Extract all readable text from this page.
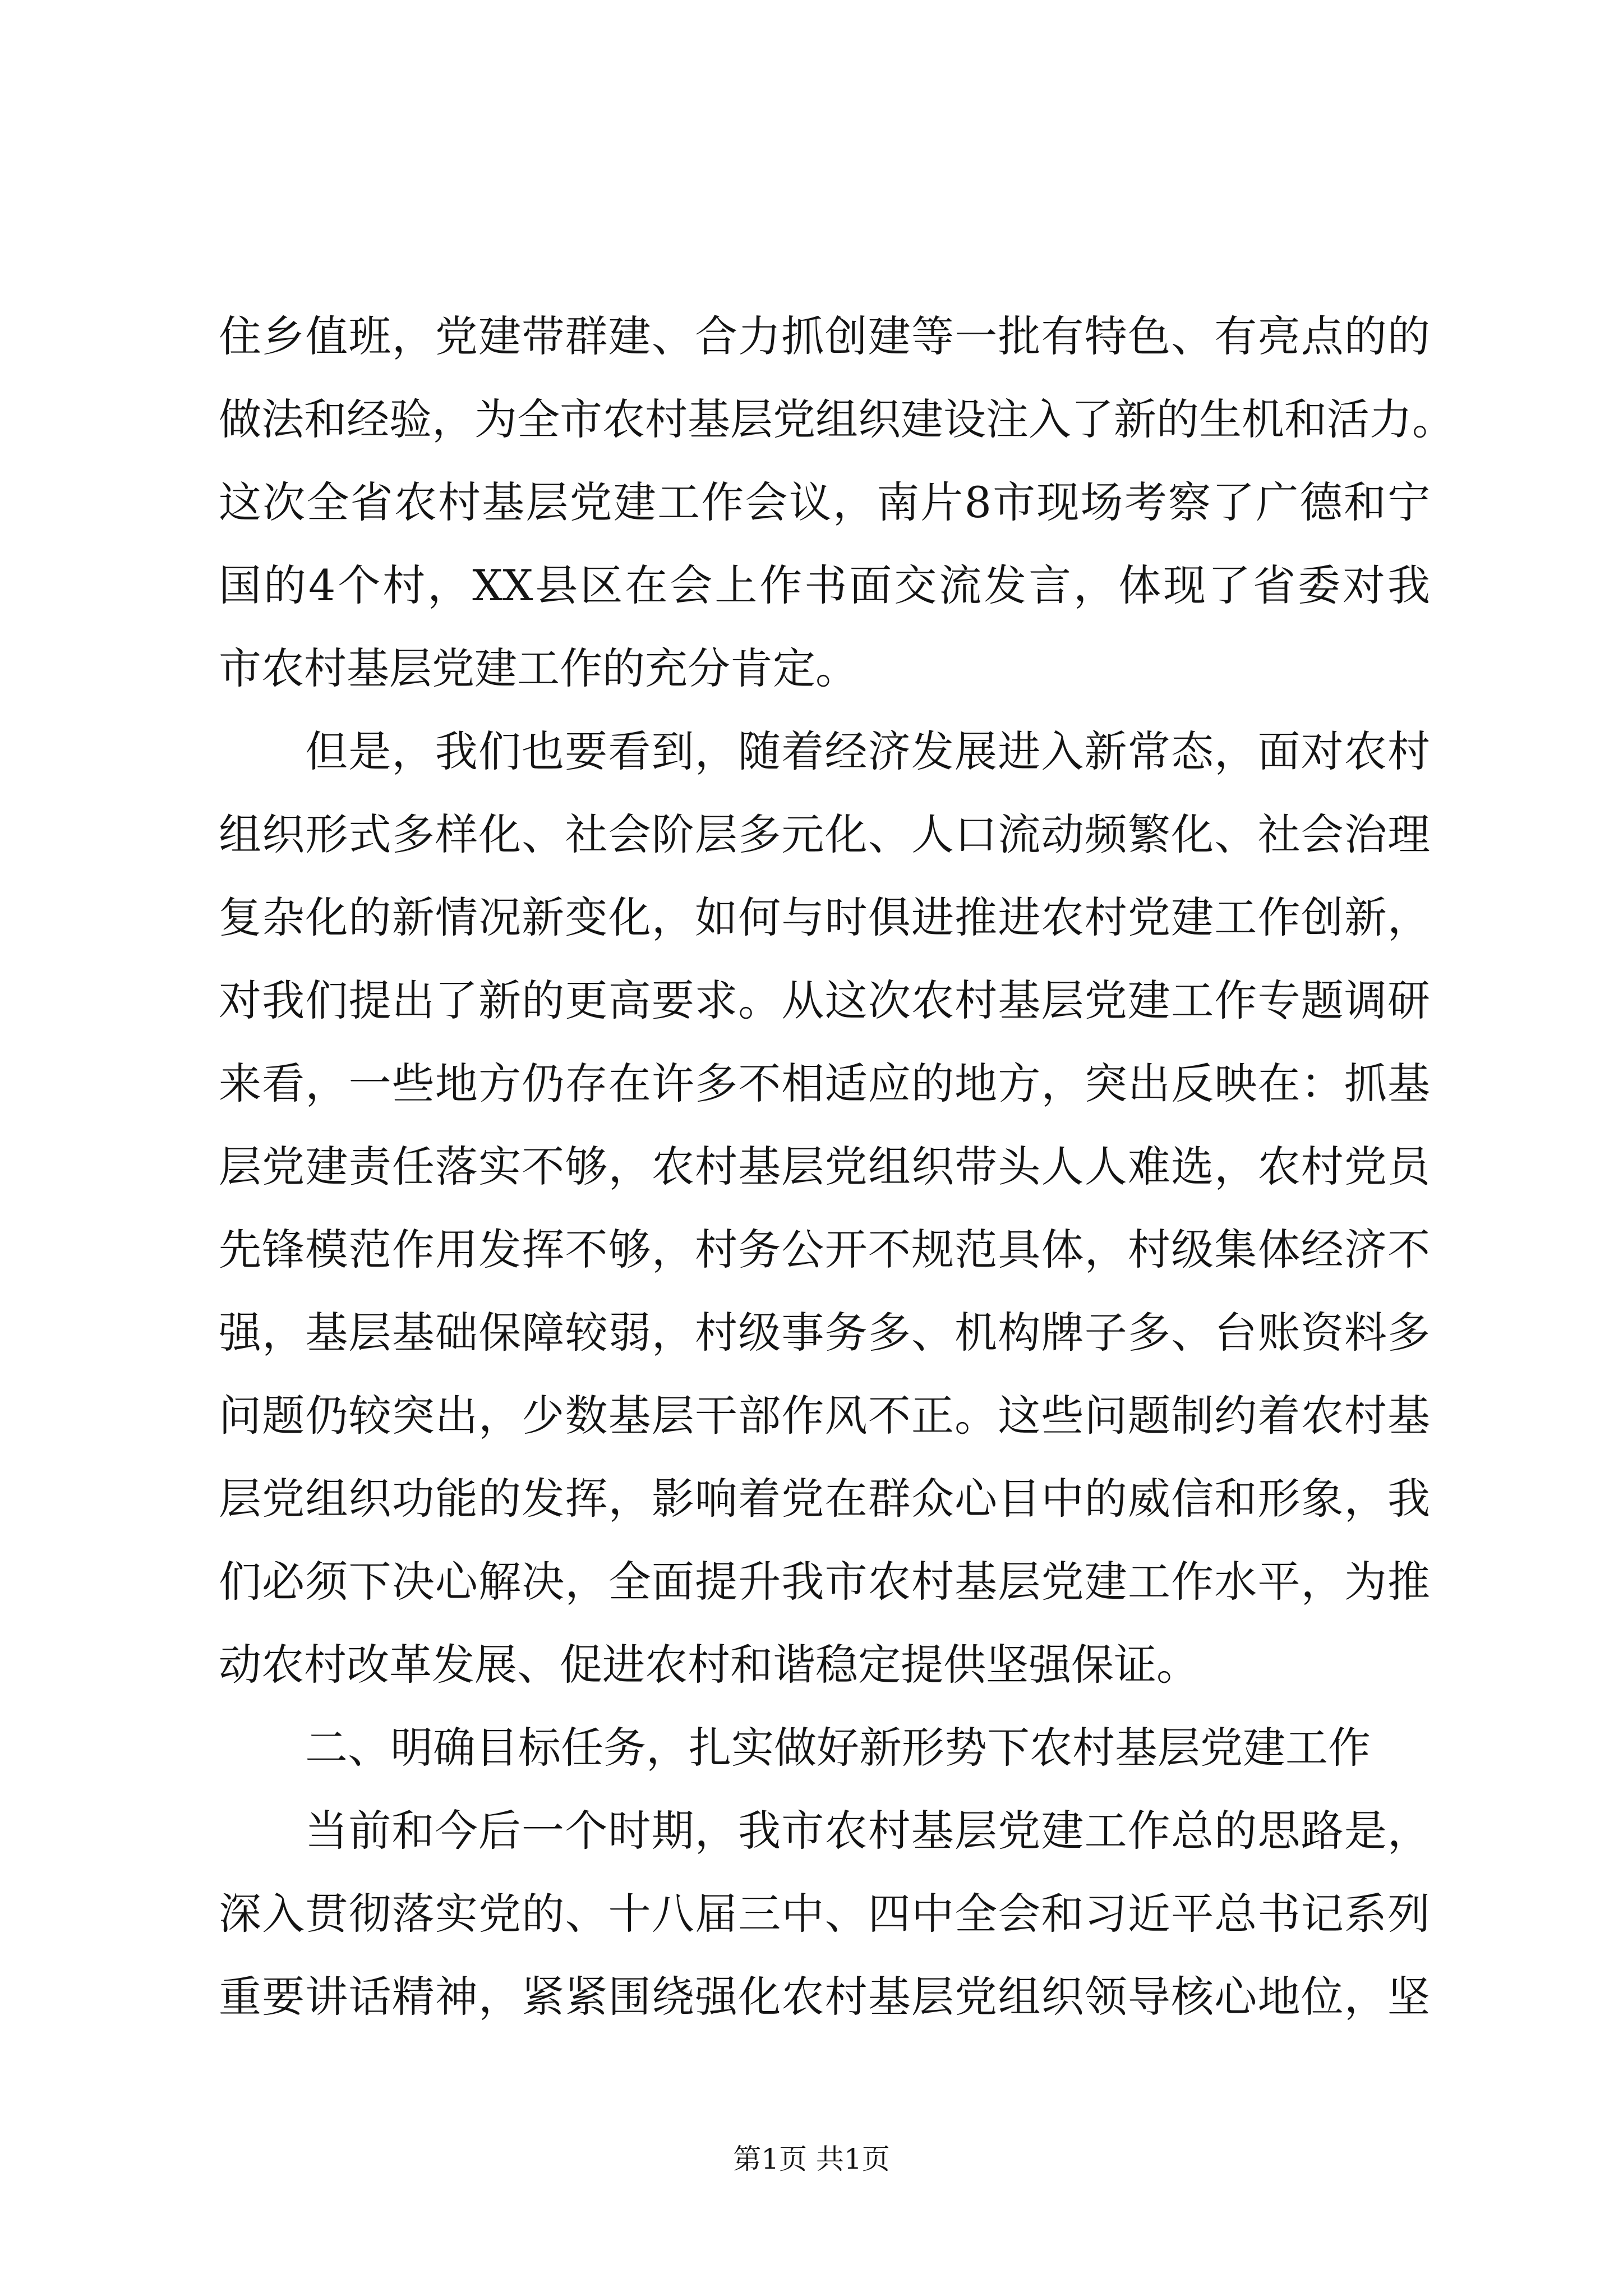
住乡值班，党建带群建、合力抓创建等一批有特色、有亮点的的
做法和经验，为全市农村基层党组织建设注入了新的生机和活力。
这次全省农村基层党建工作会议，南片8市现场考察了广德和宁
国的4个村，XX县区在会上作书面交流发言，体现了省委对我
市农村基层党建工作的充分肯定。
但是，我们也要看到，随着经济发展进入新常态，面对农村
组织形式多样化、社会阶层多元化、人口流动频繁化、社会治理
复杂化的新情况新变化，如何与时俱进推进农村党建工作创新，
对我们提出了新的更高要求。从这次农村基层党建工作专题调研
来看，一些地方仍存在许多不相适应的地方，突出反映在：抓基
层党建责任落实不够，农村基层党组织带头人人难选，农村党员
先锋模范作用发挥不够，村务公开不规范具体，村级集体经济不
强，基层基础保障较弱，村级事务多、机构牌子多、台账资料多
问题仍较突出，少数基层干部作风不正。这些问题制约着农村基
层党组织功能的发挥，影响着党在群众心目中的威信和形象，我
们必须下决心解决，全面提升我市农村基层党建工作水平，为推
动农村改革发展、促进农村和谐稳定提供坚强保证。
二、明确目标任务，扎实做好新形势下农村基层党建工作
当前和今后一个时期，我市农村基层党建工作总的思路是，
深入贯彻落实党的、十八届三中、四中全会和习近平总书记系列
重要讲话精神，紧紧围绕强化农村基层党组织领导核心地位，坚
第1页 共1页
